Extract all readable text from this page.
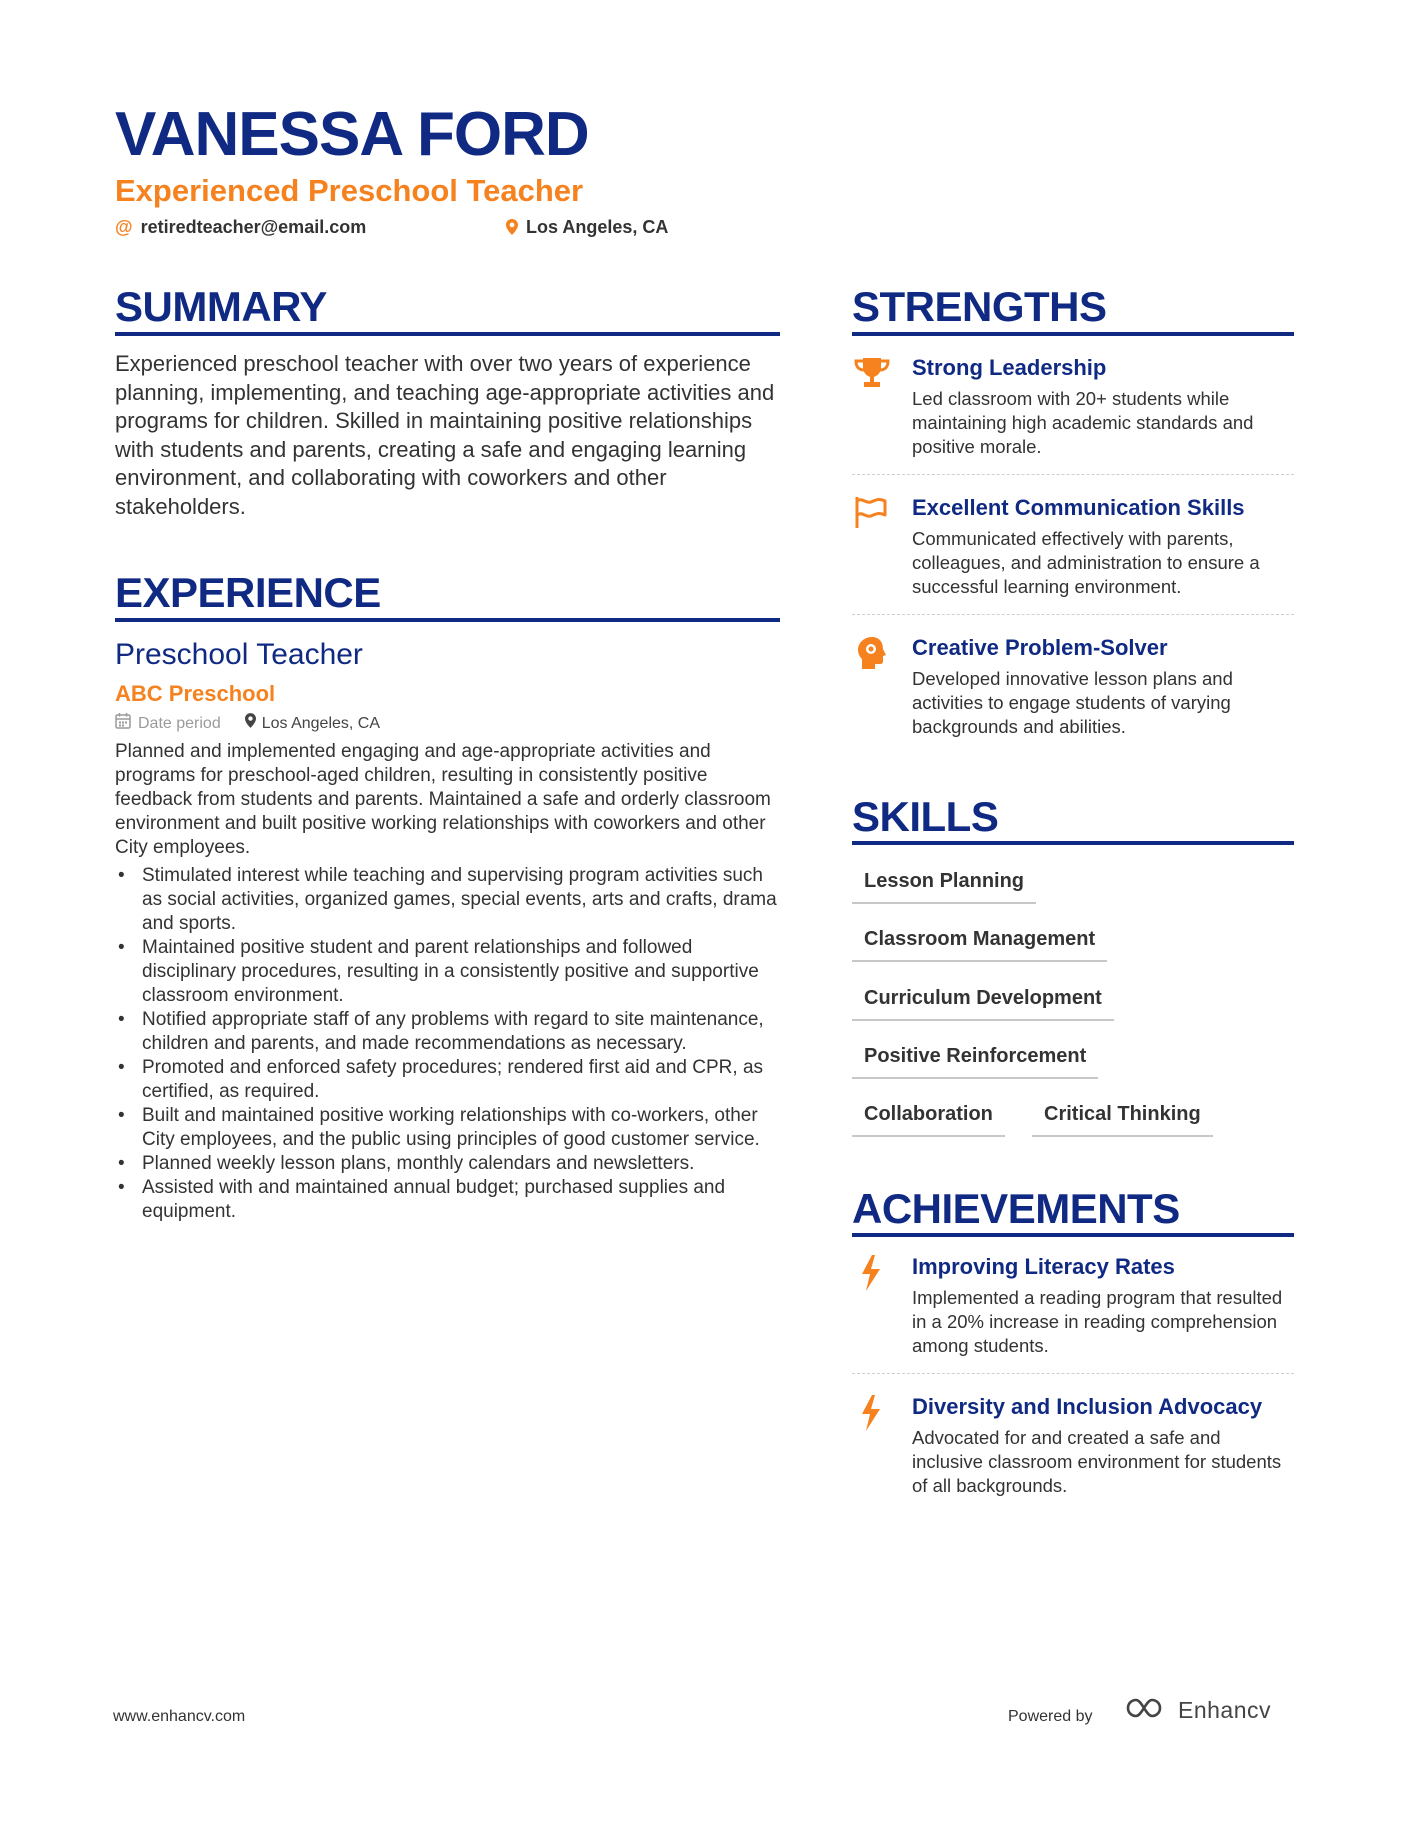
VANESSA FORD
Experienced Preschool Teacher
@ retiredteacher@email.com	Los Angeles, CA
SUMMARY
Experienced preschool teacher with over two years of experience planning, implementing, and teaching age-appropriate activities and programs for children. Skilled in maintaining positive relationships with students and parents, creating a safe and engaging learning environment, and collaborating with coworkers and other stakeholders.
EXPERIENCE
Preschool Teacher
ABC Preschool
Date period	Los Angeles, CA
Planned and implemented engaging and age-appropriate activities and programs for preschool-aged children, resulting in consistently positive feedback from students and parents. Maintained a safe and orderly classroom environment and built positive working relationships with coworkers and other City employees.
• Stimulated interest while teaching and supervising program activities such as social activities, organized games, special events, arts and crafts, drama and sports.
• Maintained positive student and parent relationships and followed disciplinary procedures, resulting in a consistently positive and supportive classroom environment.
• Notified appropriate staff of any problems with regard to site maintenance, children and parents, and made recommendations as necessary.
• Promoted and enforced safety procedures; rendered first aid and CPR, as certified, as required.
• Built and maintained positive working relationships with co-workers, other City employees, and the public using principles of good customer service.
• Planned weekly lesson plans, monthly calendars and newsletters.
• Assisted with and maintained annual budget; purchased supplies and equipment.
STRENGTHS
Strong Leadership
Led classroom with 20+ students while maintaining high academic standards and positive morale.
Excellent Communication Skills
Communicated effectively with parents, colleagues, and administration to ensure a successful learning environment.
Creative Problem-Solver
Developed innovative lesson plans and activities to engage students of varying backgrounds and abilities.
SKILLS
Lesson Planning
Classroom Management
Curriculum Development
Positive Reinforcement
Collaboration	Critical Thinking
ACHIEVEMENTS
Improving Literacy Rates
Implemented a reading program that resulted in a 20% increase in reading comprehension among students.
Diversity and Inclusion Advocacy
Advocated for and created a safe and inclusive classroom environment for students of all backgrounds.
www.enhancv.com	Powered by	Enhancv
